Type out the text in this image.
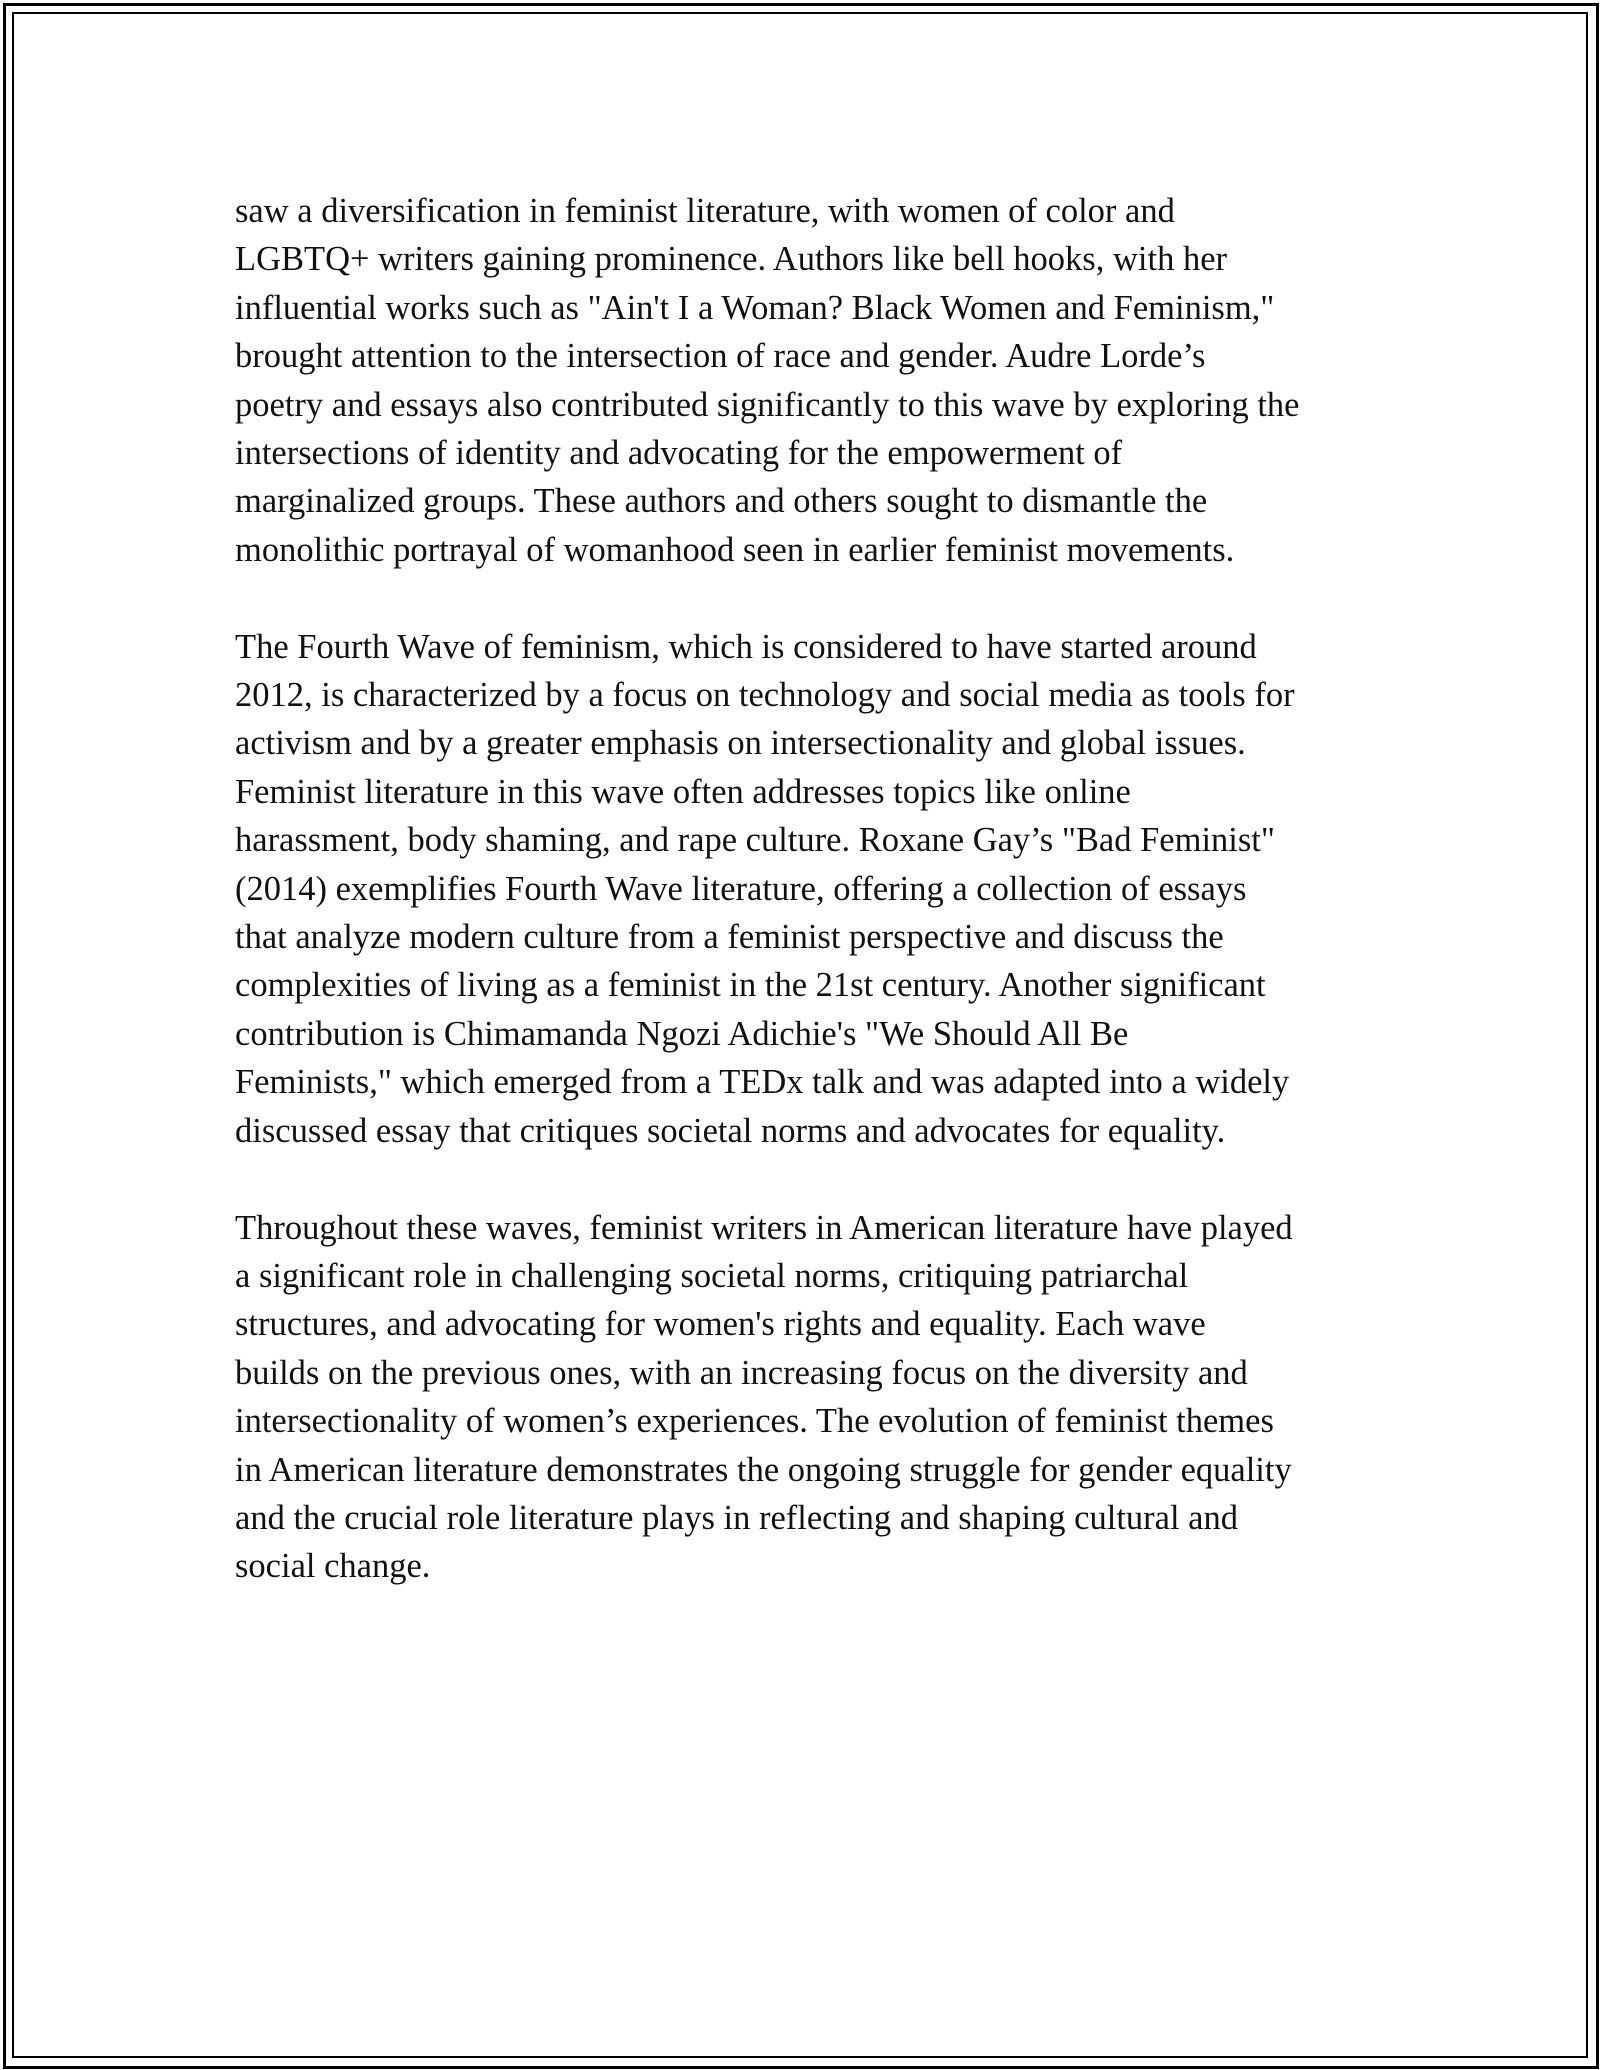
saw a diversification in feminist literature, with women of color and
LGBTQ+ writers gaining prominence. Authors like bell hooks, with her
influential works such as "Ain't I a Woman? Black Women and Feminism,"
brought attention to the intersection of race and gender. Audre Lorde’s
poetry and essays also contributed significantly to this wave by exploring the
intersections of identity and advocating for the empowerment of
marginalized groups. These authors and others sought to dismantle the
monolithic portrayal of womanhood seen in earlier feminist movements.

The Fourth Wave of feminism, which is considered to have started around
2012, is characterized by a focus on technology and social media as tools for
activism and by a greater emphasis on intersectionality and global issues.
Feminist literature in this wave often addresses topics like online
harassment, body shaming, and rape culture. Roxane Gay’s "Bad Feminist"
(2014) exemplifies Fourth Wave literature, offering a collection of essays
that analyze modern culture from a feminist perspective and discuss the
complexities of living as a feminist in the 21st century. Another significant
contribution is Chimamanda Ngozi Adichie's "We Should All Be
Feminists," which emerged from a TEDx talk and was adapted into a widely
discussed essay that critiques societal norms and advocates for equality.

Throughout these waves, feminist writers in American literature have played
a significant role in challenging societal norms, critiquing patriarchal
structures, and advocating for women's rights and equality. Each wave
builds on the previous ones, with an increasing focus on the diversity and
intersectionality of women’s experiences. The evolution of feminist themes
in American literature demonstrates the ongoing struggle for gender equality
and the crucial role literature plays in reflecting and shaping cultural and
social change.
